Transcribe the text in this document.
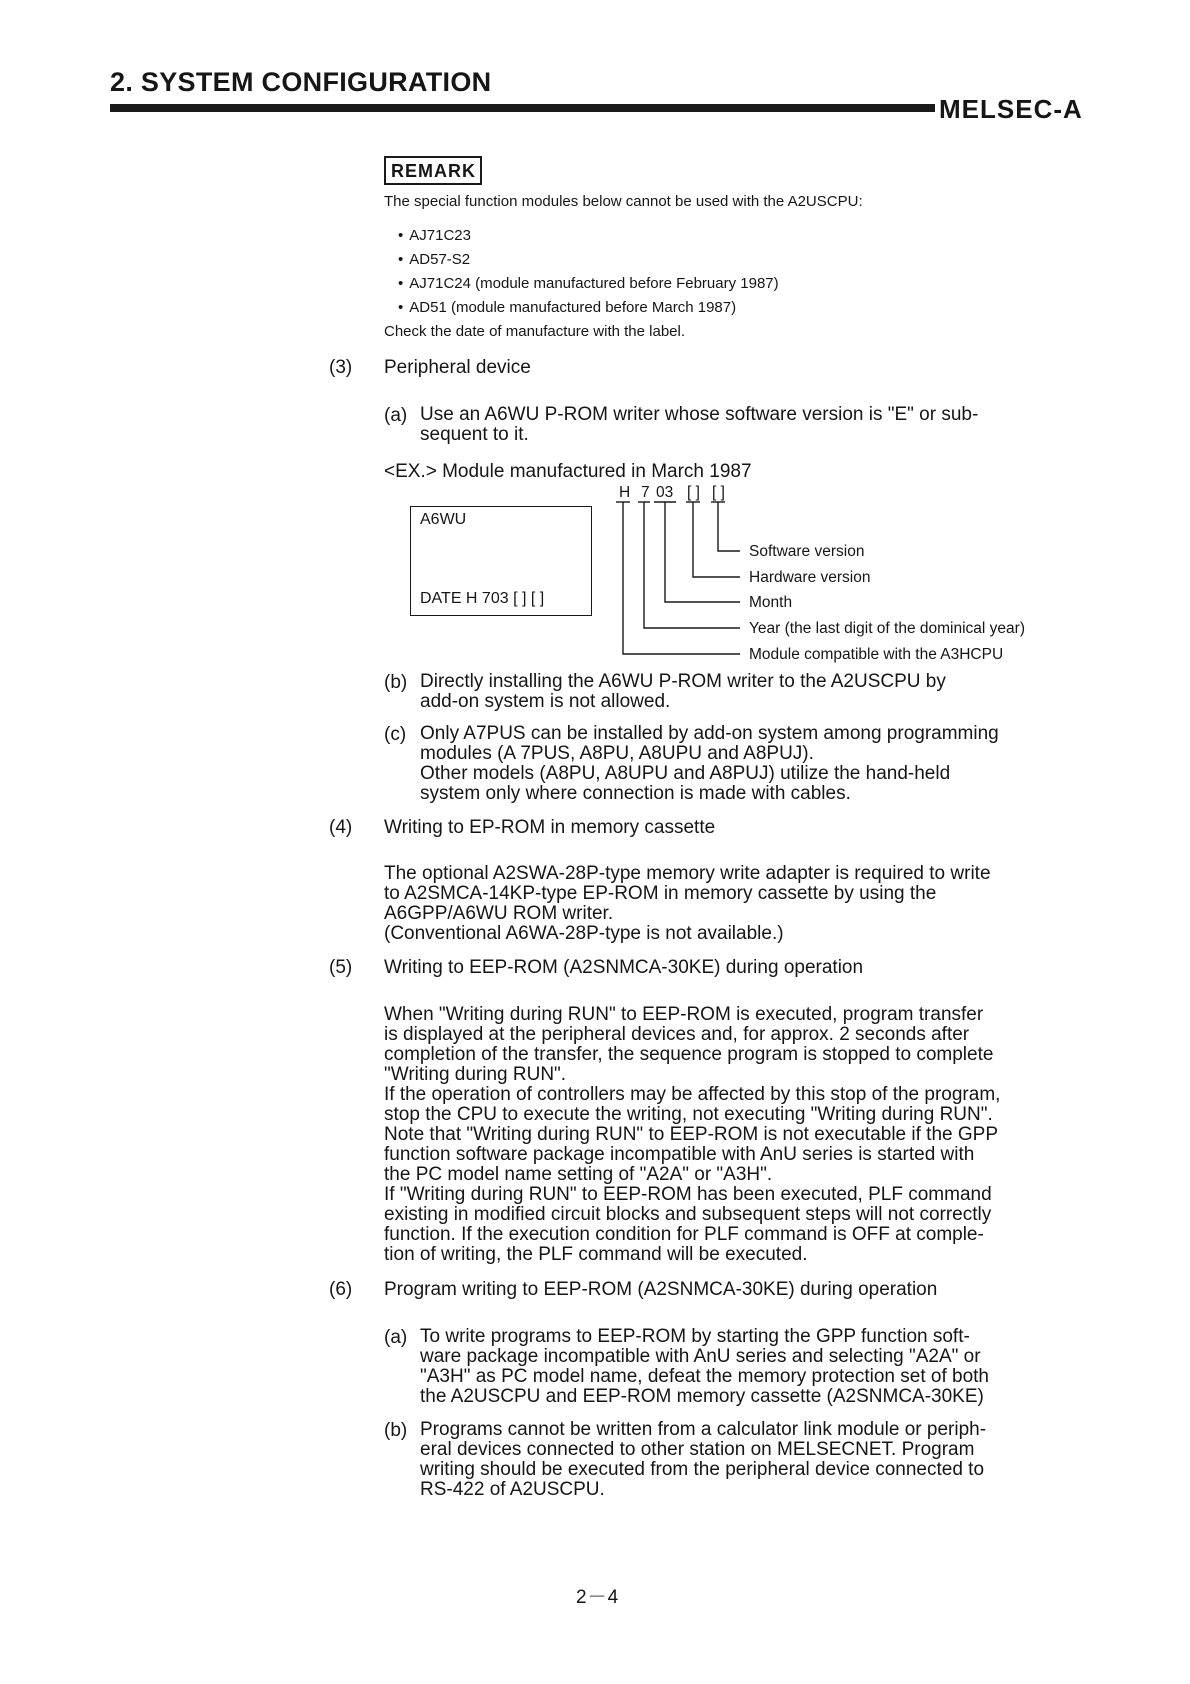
2. SYSTEM CONFIGURATION
MELSEC-A
REMARK
The special function modules below cannot be used with the A2USCPU:
• AJ71C23
• AD57-S2
• AJ71C24 (module manufactured before February 1987)
• AD51 (module manufactured before March 1987)
Check the date of manufacture with the label.
(3) Peripheral device
(a) Use an A6WU P-ROM writer whose software version is "E" or sub-
sequent to it.
<EX.> Module manufactured in March 1987
A6WU
DATE H 703 [ ] [ ]
H 7 03 [ ] [ ]
Software version
Hardware version
Month
Year (the last digit of the dominical year)
Module compatible with the A3HCPU
(b) Directly installing the A6WU P-ROM writer to the A2USCPU by
add-on system is not allowed.
(c) Only A7PUS can be installed by add-on system among programming
modules (A 7PUS, A8PU, A8UPU and A8PUJ).
Other models (A8PU, A8UPU and A8PUJ) utilize the hand-held
system only where connection is made with cables.
(4) Writing to EP-ROM in memory cassette
The optional A2SWA-28P-type memory write adapter is required to write
to A2SMCA-14KP-type EP-ROM in memory cassette by using the
A6GPP/A6WU ROM writer.
(Conventional A6WA-28P-type is not available.)
(5) Writing to EEP-ROM (A2SNMCA-30KE) during operation
When "Writing during RUN" to EEP-ROM is executed, program transfer
is displayed at the peripheral devices and, for approx. 2 seconds after
completion of the transfer, the sequence program is stopped to complete
"Writing during RUN".
If the operation of controllers may be affected by this stop of the program,
stop the CPU to execute the writing, not executing "Writing during RUN".
Note that "Writing during RUN" to EEP-ROM is not executable if the GPP
function software package incompatible with AnU series is started with
the PC model name setting of "A2A" or "A3H".
If "Writing during RUN" to EEP-ROM has been executed, PLF command
existing in modified circuit blocks and subsequent steps will not correctly
function. If the execution condition for PLF command is OFF at comple-
tion of writing, the PLF command will be executed.
(6) Program writing to EEP-ROM (A2SNMCA-30KE) during operation
(a) To write programs to EEP-ROM by starting the GPP function soft-
ware package incompatible with AnU series and selecting "A2A" or
"A3H" as PC model name, defeat the memory protection set of both
the A2USCPU and EEP-ROM memory cassette (A2SNMCA-30KE)
(b) Programs cannot be written from a calculator link module or periph-
eral devices connected to other station on MELSECNET. Program
writing should be executed from the peripheral device connected to
RS-422 of A2USCPU.
2－4
